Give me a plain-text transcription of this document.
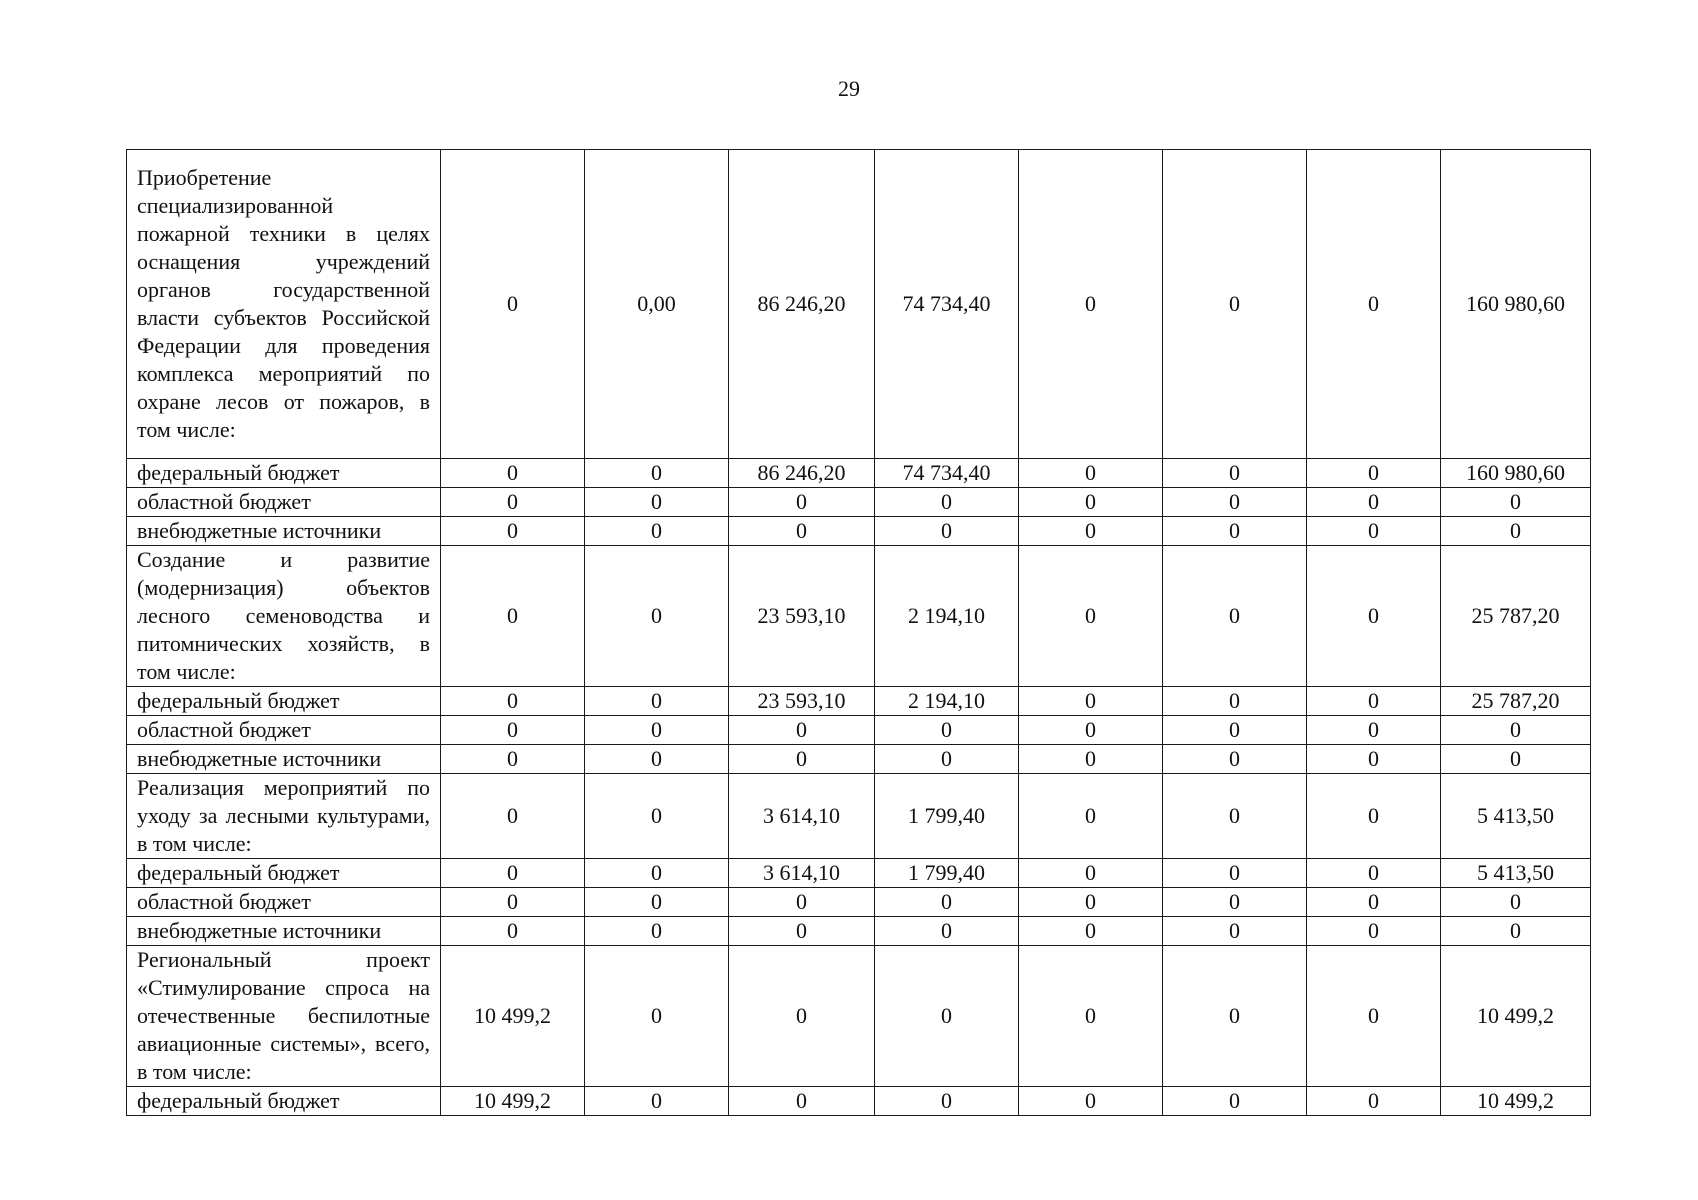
29
Приобретение специализированной пожарной техники в целях оснащения учреждений органов государственной власти субъектов Российской Федерации для проведения комплекса мероприятий по охране лесов от пожаров, в том числе:	0	0,00	86 246,20	74 734,40	0	0	0	160 980,60
федеральный бюджет	0	0	86 246,20	74 734,40	0	0	0	160 980,60
областной бюджет	0	0	0	0	0	0	0	0
внебюджетные источники	0	0	0	0	0	0	0	0
Создание и развитие (модернизация) объектов лесного семеноводства и питомнических хозяйств, в том числе:	0	0	23 593,10	2 194,10	0	0	0	25 787,20
федеральный бюджет	0	0	23 593,10	2 194,10	0	0	0	25 787,20
областной бюджет	0	0	0	0	0	0	0	0
внебюджетные источники	0	0	0	0	0	0	0	0
Реализация мероприятий по уходу за лесными культурами, в том числе:	0	0	3 614,10	1 799,40	0	0	0	5 413,50
федеральный бюджет	0	0	3 614,10	1 799,40	0	0	0	5 413,50
областной бюджет	0	0	0	0	0	0	0	0
внебюджетные источники	0	0	0	0	0	0	0	0
Региональный проект «Стимулирование спроса на отечественные беспилотные авиационные системы», всего, в том числе:	10 499,2	0	0	0	0	0	0	10 499,2
федеральный бюджет	10 499,2	0	0	0	0	0	0	10 499,2
